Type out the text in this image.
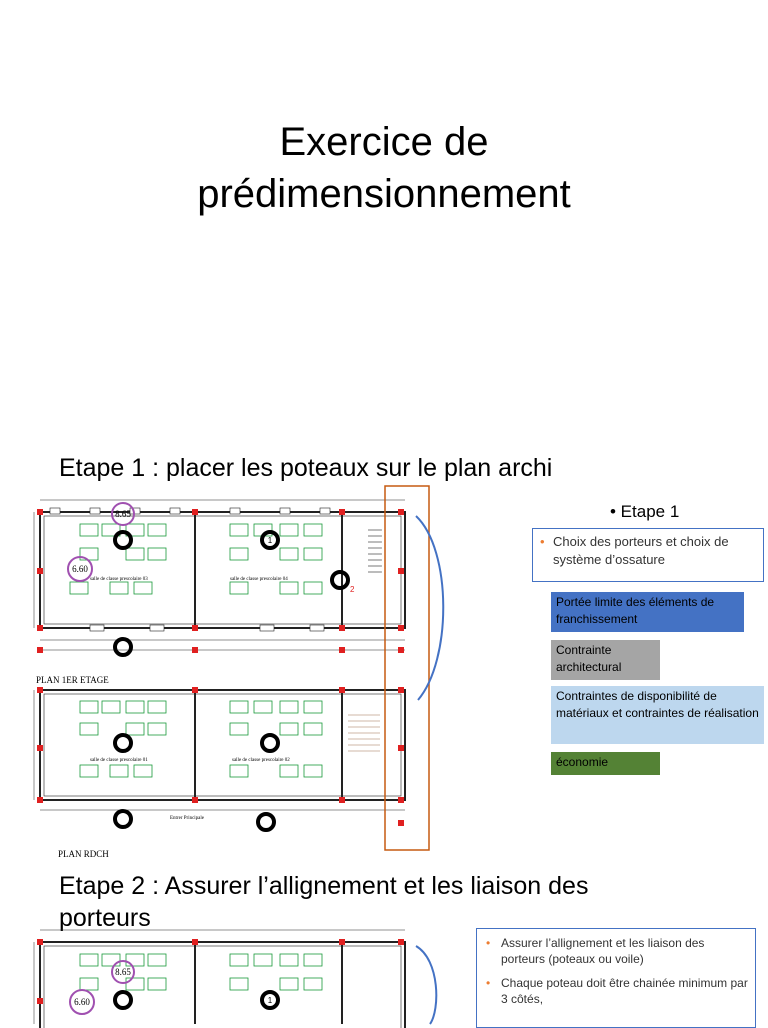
Exercice de
prédimensionnement
Etape 1 : placer les poteaux sur le plan archi
salle de classe prescolaire 03	salle de classe prescolaire 04
8.65
6.60
1
2
PLAN 1ER ETAGE
salle de classe prescolaire 01	salle de classe prescolaire 02
Entrer Principale
PLAN RDCH
• Etape 1
• Choix des porteurs et choix de système d’ossature
Portée limite des éléments de franchissement
Contrainte architectural
Contraintes de disponibilité de matériaux et contraintes de réalisation
économie
Etape 2 : Assurer l’allignement et les liaison des porteurs
8.65
6.60	1
• Assurer l’allignement et les liaison des porteurs (poteaux ou voile)
• Chaque poteau doit être chainée minimum par 3 côtés,
